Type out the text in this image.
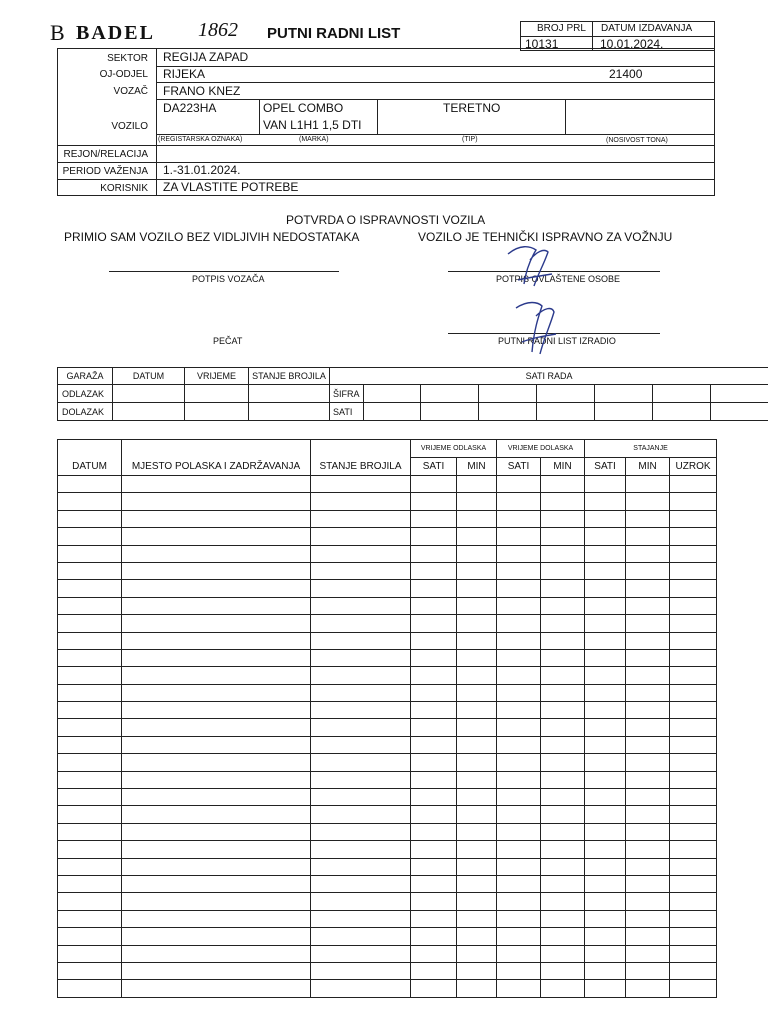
B BADEL 1862 PUTNI RADNI LIST	BROJ PRL
10131
DATUM IZDAVANJA
10.01.2024.
SEKTOR REGIJA ZAPAD
OJ-ODJEL RIJEKA	21400
VOZAČ FRANO KNEZ
VOZILO
DA223HA	OPEL COMBO
VAN L1H1 1,5 DTI
TERETNO
(REGISTARSKA OZNAKA)	(MARKA)	(TIP)	(NOSIVOST TONA)
REJON/RELACIJA
PERIOD VAŽENJA 1.-31.01.2024.
KORISNIK ZA VLASTITE POTREBE
POTVRDA O ISPRAVNOSTI VOZILA
PRIMIO SAM VOZILO BEZ VIDLJIVIH NEDOSTATAKA	VOZILO JE TEHNIČKI ISPRAVNO ZA VOŽNJU
POTPIS VOZAČA	POTPIS OVLAŠTENE OSOBE
PEČAT	PUTNI RADNI LIST IZRADIO
GARAŽA	DATUM	VRIJEME	STANJE BROJILA	SATI RADA							
ODLAZAK				ŠIFRA							
DOLAZAK				SATI							
DATUM	MJESTO POLASKA I ZADRŽAVANJA	STANJE BROJILA	VRIJEME ODLASKA		VRIJEME DOLASKA		STAJANJE		
			SATI	MIN	SATI	MIN	SATI	MIN	UZROK
